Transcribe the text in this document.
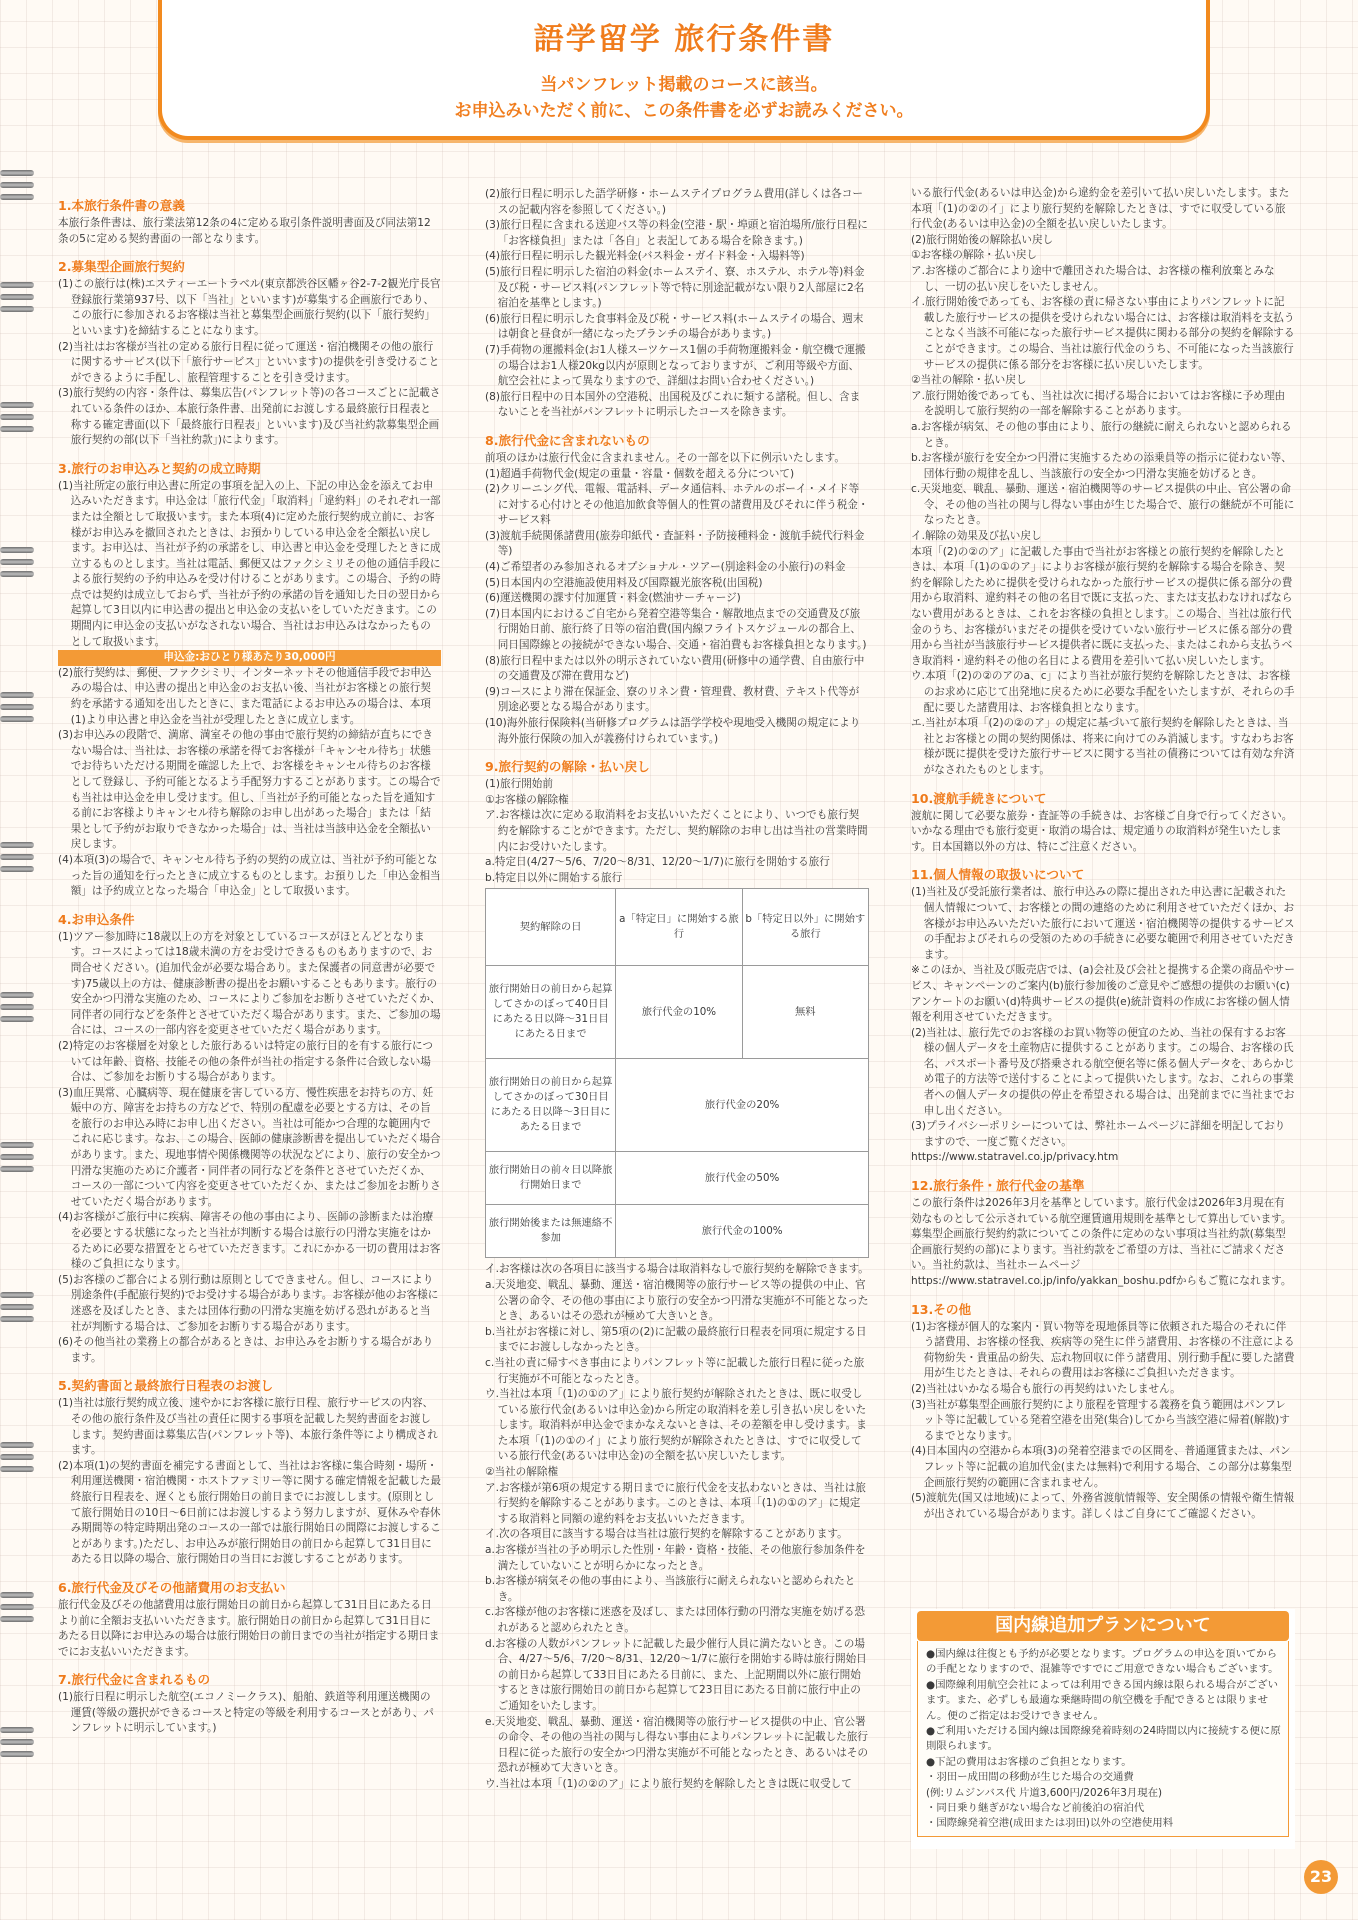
語学留学 旅行条件書

当パンフレット掲載のコースに該当。

お申込みいただく前に、この条件書を必ずお読みください。

1.本旅行条件書の意義

本旅行条件書は、旅行業法第12条の4に定める取引条件説明書面及び同法第12条の5に定める契約書面の一部となります。

2.募集型企画旅行契約

(1)この旅行は(株)エスティーエートラベル(東京都渋谷区幡ヶ谷2-7-2観光庁長官登録旅行業第937号、以下「当社」といいます)が募集する企画旅行であり、この旅行に参加されるお客様は当社と募集型企画旅行契約(以下「旅行契約」といいます)を締結することになります。

(2)当社はお客様が当社の定める旅行日程に従って運送・宿泊機関その他の旅行に関するサービス(以下「旅行サービス」といいます)の提供を引き受けることができるように手配し、旅程管理することを引き受けます。

(3)旅行契約の内容・条件は、募集広告(パンフレット等)の各コースごとに記載されている条件のほか、本旅行条件書、出発前にお渡しする最終旅行日程表と称する確定書面(以下「最終旅行日程表」といいます)及び当社約款募集型企画旅行契約の部(以下「当社約款」)によります。

3.旅行のお申込みと契約の成立時期

(1)当社所定の旅行申込書に所定の事項を記入の上、下記の申込金を添えてお申込みいただきます。申込金は「旅行代金」「取消料」「違約料」のそれぞれ一部または全額として取扱います。また本項(4)に定めた旅行契約成立前に、お客様がお申込みを撤回されたときは、お預かりしている申込金を全額払い戻します。お申込は、当社が予約の承諾をし、申込書と申込金を受理したときに成立するものとします。当社は電話、郵便又はファクシミリその他の通信手段による旅行契約の予約申込みを受け付けることがあります。この場合、予約の時点では契約は成立しておらず、当社が予約の承諾の旨を通知した日の翌日から起算して3日以内に申込書の提出と申込金の支払いをしていただきます。この期間内に申込金の支払いがなされない場合、当社はお申込みはなかったものとして取扱います。

申込金:おひとり様あたり30,000円

(2)旅行契約は、郵便、ファクシミリ、インターネットその他通信手段でお申込みの場合は、申込書の提出と申込金のお支払い後、当社がお客様との旅行契約を承諾する通知を出したときに、また電話によるお申込みの場合は、本項(1)より申込書と申込金を当社が受理したときに成立します。

(3)お申込みの段階で、満席、満室その他の事由で旅行契約の締結が直ちにできない場合は、当社は、お客様の承諾を得てお客様が「キャンセル待ち」状態でお待ちいただける期間を確認した上で、お客様をキャンセル待ちのお客様として登録し、予約可能となるよう手配努力することがあります。この場合でも当社は申込金を申し受けます。但し、「当社が予約可能となった旨を通知する前にお客様よりキャンセル待ち解除のお申し出があった場合」または「結果として予約がお取りできなかった場合」は、当社は当該申込金を全額払い戻します。

(4)本項(3)の場合で、キャンセル待ち予約の契約の成立は、当社が予約可能となった旨の通知を行ったときに成立するものとします。お預りした「申込金相当額」は予約成立となった場合「申込金」として取扱います。

4.お申込条件

(1)ツアー参加時に18歳以上の方を対象としているコースがほとんどとなります。コースによっては18歳未満の方をお受けできるものもありますので、お問合せください。(追加代金が必要な場合あり。また保護者の同意書が必要です)75歳以上の方は、健康診断書の提出をお願いすることもあります。旅行の安全かつ円滑な実施のため、コースによりご参加をお断りさせていただくか、同伴者の同行などを条件とさせていただく場合があります。また、ご参加の場合には、コースの一部内容を変更させていただく場合があります。

(2)特定のお客様層を対象とした旅行あるいは特定の旅行目的を有する旅行については年齢、資格、技能その他の条件が当社の指定する条件に合致しない場合は、ご参加をお断りする場合があります。

(3)血圧異常、心臓病等、現在健康を害している方、慢性疾患をお持ちの方、妊娠中の方、障害をお持ちの方などで、特別の配慮を必要とする方は、その旨を旅行のお申込み時にお申し出ください。当社は可能かつ合理的な範囲内でこれに応じます。なお、この場合、医師の健康診断書を提出していただく場合があります。また、現地事情や関係機関等の状況などにより、旅行の安全かつ円滑な実施のために介護者・同伴者の同行などを条件とさせていただくか、コースの一部について内容を変更させていただくか、またはご参加をお断りさせていただく場合があります。

(4)お客様がご旅行中に疾病、障害その他の事由により、医師の診断または治療を必要とする状態になったと当社が判断する場合は旅行の円滑な実施をはかるために必要な措置をとらせていただきます。これにかかる一切の費用はお客様のご負担になります。

(5)お客様のご都合による別行動は原則としてできません。但し、コースにより別途条件(手配旅行契約)でお受けする場合があります。お客様が他のお客様に迷惑を及ぼしたとき、または団体行動の円滑な実施を妨げる恐れがあると当社が判断する場合は、ご参加をお断りする場合があります。

(6)その他当社の業務上の都合があるときは、お申込みをお断りする場合があります。

5.契約書面と最終旅行日程表のお渡し

(1)当社は旅行契約成立後、速やかにお客様に旅行日程、旅行サービスの内容、その他の旅行条件及び当社の責任に関する事項を記載した契約書面をお渡しします。契約書面は募集広告(パンフレット等)、本旅行条件等により構成されます。

(2)本項(1)の契約書面を補完する書面として、当社はお客様に集合時刻・場所・利用運送機関・宿泊機関・ホストファミリー等に関する確定情報を記載した最終旅行日程表を、遅くとも旅行開始日の前日までにお渡しします。(原則として旅行開始日の10日〜6日前にはお渡しするよう努力しますが、夏休みや春休み期間等の特定時期出発のコースの一部では旅行開始日の間際にお渡しすることがあります。)ただし、お申込みが旅行開始日の前日から起算して31日目にあたる日以降の場合、旅行開始日の当日にお渡しすることがあります。

6.旅行代金及びその他諸費用のお支払い

旅行代金及びその他諸費用は旅行開始日の前日から起算して31日目にあたる日より前に全額お支払いいただきます。旅行開始日の前日から起算して31日目にあたる日以降にお申込みの場合は旅行開始日の前日までの当社が指定する期日までにお支払いいただきます。

7.旅行代金に含まれるもの

(1)旅行日程に明示した航空(エコノミークラス)、船舶、鉄道等利用運送機関の運賃(等級の選択ができるコースと特定の等級を利用するコースとがあり、パンフレットに明示しています。)

(2)旅行日程に明示した語学研修・ホームステイプログラム費用(詳しくは各コースの記載内容を参照してください。)

(3)旅行日程に含まれる送迎バス等の料金(空港・駅・埠頭と宿泊場所/旅行日程に「お客様負担」または「各自」と表記してある場合を除きます。)

(4)旅行日程に明示した観光料金(バス料金・ガイド料金・入場料等)

(5)旅行日程に明示した宿泊の料金(ホームステイ、寮、ホステル、ホテル等)料金及び税・サービス料(パンフレット等で特に別途記載がない限り2人部屋に2名宿泊を基準とします。)

(6)旅行日程に明示した食事料金及び税・サービス料(ホームステイの場合、週末は朝食と昼食が一緒になったブランチの場合があります。)

(7)手荷物の運搬料金(お1人様スーツケース1個の手荷物運搬料金・航空機で運搬の場合はお1人様20kg以内が原則となっておりますが、ご利用等級や方面、航空会社によって異なりますので、詳細はお問い合わせください。)

(8)旅行日程中の日本国外の空港税、出国税及びこれに類する諸税。但し、含まないことを当社がパンフレットに明示したコースを除きます。

8.旅行代金に含まれないもの

前項のほかは旅行代金に含まれません。その一部を以下に例示いたします。

(1)超過手荷物代金(規定の重量・容量・個数を超える分について)

(2)クリーニング代、電報、電話料、データ通信料、ホテルのボーイ・メイド等に対する心付けとその他追加飲食等個人的性質の諸費用及びそれに伴う税金・サービス料

(3)渡航手続関係諸費用(旅券印紙代・査証料・予防接種料金・渡航手続代行料金等)

(4)ご希望者のみ参加されるオプショナル・ツアー(別途料金の小旅行)の料金

(5)日本国内の空港施設使用料及び国際観光旅客税(出国税)

(6)運送機関の課す付加運賃・料金(燃油サーチャージ)

(7)日本国内におけるご自宅から発着空港等集合・解散地点までの交通費及び旅行開始日前、旅行終了日等の宿泊費(国内線フライトスケジュールの都合上、同日国際線との接続ができない場合、交通・宿泊費もお客様負担となります。)

(8)旅行日程中または以外の明示されていない費用(研修中の通学費、自由旅行中の交通費及び滞在費用など)

(9)コースにより滞在保証金、寮のリネン費・管理費、教材費、テキスト代等が別途必要となる場合があります。

(10)海外旅行保険料(当研修プログラムは語学学校や現地受入機関の規定により海外旅行保険の加入が義務付けられています。)

9.旅行契約の解除・払い戻し

(1)旅行開始前

①お客様の解除権

ア.お客様は次に定める取消料をお支払いいただくことにより、いつでも旅行契約を解除することができます。ただし、契約解除のお申し出は当社の営業時間内にお受けいたします。

a.特定日(4/27〜5/6、7/20〜8/31、12/20〜1/7)に旅行を開始する旅行

b.特定日以外に開始する旅行

契約解除の日	a「特定日」に開始する旅行	b「特定日以外」に開始する旅行
旅行開始日の前日から起算してさかのぼって40日目にあたる日以降〜31日目にあたる日まで	旅行代金の10%	無料
旅行開始日の前日から起算してさかのぼって30日目にあたる日以降〜3日目にあたる日まで	旅行代金の20%	
旅行開始日の前々日以降旅行開始日まで	旅行代金の50%	
旅行開始後または無連絡不参加	旅行代金の100%	

イ.お客様は次の各項目に該当する場合は取消料なしで旅行契約を解除できます。

a.天災地変、戦乱、暴動、運送・宿泊機関等の旅行サービス等の提供の中止、官公署の命令、その他の事由により旅行の安全かつ円滑な実施が不可能となったとき、あるいはその恐れが極めて大きいとき。

b.当社がお客様に対し、第5項の(2)に記載の最終旅行日程表を同項に規定する日までにお渡ししなかったとき。

c.当社の責に帰すべき事由によりパンフレット等に記載した旅行日程に従った旅行実施が不可能となったとき。

ウ.当社は本項「(1)の①のア」により旅行契約が解除されたときは、既に収受している旅行代金(あるいは申込金)から所定の取消料を差し引き払い戻しをいたします。取消料が申込金でまかなえないときは、その差額を申し受けます。また本項「(1)の①のイ」により旅行契約が解除されたときは、すでに収受している旅行代金(あるいは申込金)の全額を払い戻しいたします。

②当社の解除権

ア.お客様が第6項の規定する期日までに旅行代金を支払わないときは、当社は旅行契約を解除することがあります。このときは、本項「(1)の①のア」に規定する取消料と同額の違約料をお支払いいただきます。

イ.次の各項目に該当する場合は当社は旅行契約を解除することがあります。

a.お客様が当社の予め明示した性別・年齢・資格・技能、その他旅行参加条件を満たしていないことが明らかになったとき。

b.お客様が病気その他の事由により、当該旅行に耐えられないと認められたとき。

c.お客様が他のお客様に迷惑を及ぼし、または団体行動の円滑な実施を妨げる恐れがあると認められたとき。

d.お客様の人数がパンフレットに記載した最少催行人員に満たないとき。この場合、4/27〜5/6、7/20〜8/31、12/20〜1/7に旅行を開始する時は旅行開始日の前日から起算して33日目にあたる日前に、また、上記期間以外に旅行開始するときは旅行開始日の前日から起算して23日目にあたる日前に旅行中止のご通知をいたします。

e.天災地変、戦乱、暴動、運送・宿泊機関等の旅行サービス提供の中止、官公署の命令、その他の当社の関与し得ない事由によりパンフレットに記載した旅行日程に従った旅行の安全かつ円滑な実施が不可能となったとき、あるいはその恐れが極めて大きいとき。

ウ.当社は本項「(1)の②のア」により旅行契約を解除したときは既に収受して

いる旅行代金(あるいは申込金)から違約金を差引いて払い戻しいたします。また本項「(1)の②のイ」により旅行契約を解除したときは、すでに収受している旅行代金(あるいは申込金)の全額を払い戻しいたします。

(2)旅行開始後の解除払い戻し

①お客様の解除・払い戻し

ア.お客様のご都合により途中で離団された場合は、お客様の権利放棄とみなし、一切の払い戻しをいたしません。

イ.旅行開始後であっても、お客様の責に帰さない事由によりパンフレットに記載した旅行サービスの提供を受けられない場合には、お客様は取消料を支払うことなく当該不可能になった旅行サービス提供に関わる部分の契約を解除することができます。この場合、当社は旅行代金のうち、不可能になった当該旅行サービスの提供に係る部分をお客様に払い戻しいたします。

②当社の解除・払い戻し

ア.旅行開始後であっても、当社は次に掲げる場合においてはお客様に予め理由を説明して旅行契約の一部を解除することがあります。

a.お客様が病気、その他の事由により、旅行の継続に耐えられないと認められるとき。

b.お客様が旅行を安全かつ円滑に実施するための添乗員等の指示に従わない等、団体行動の規律を乱し、当該旅行の安全かつ円滑な実施を妨げるとき。

c.天災地変、戦乱、暴動、運送・宿泊機関等のサービス提供の中止、官公署の命令、その他の当社の関与し得ない事由が生じた場合で、旅行の継続が不可能になったとき。

イ.解除の効果及び払い戻し

本項「(2)の②のア」に記載した事由で当社がお客様との旅行契約を解除したときは、本項「(1)の①のア」によりお客様が旅行契約を解除する場合を除き、契約を解除したために提供を受けられなかった旅行サービスの提供に係る部分の費用から取消料、違約料その他の名目で既に支払った、または支払わなければならない費用があるときは、これをお客様の負担とします。この場合、当社は旅行代金のうち、お客様がいまだその提供を受けていない旅行サービスに係る部分の費用から当社が当該旅行サービス提供者に既に支払った、またはこれから支払うべき取消料・違約料その他の名目による費用を差引いて払い戻しいたします。

ウ.本項「(2)の②のアのa、c」により当社が旅行契約を解除したときは、お客様のお求めに応じて出発地に戻るために必要な手配をいたしますが、それらの手配に要した諸費用は、お客様負担となります。

エ.当社が本項「(2)の②のア」の規定に基づいて旅行契約を解除したときは、当社とお客様との間の契約関係は、将来に向けてのみ消滅します。すなわちお客様が既に提供を受けた旅行サービスに関する当社の債務については有効な弁済がなされたものとします。

10.渡航手続きについて

渡航に関して必要な旅券・査証等の手続きは、お客様ご自身で行ってください。いかなる理由でも旅行変更・取消の場合は、規定通りの取消料が発生いたします。日本国籍以外の方は、特にご注意ください。

11.個人情報の取扱いについて

(1)当社及び受託旅行業者は、旅行申込みの際に提出された申込書に記載された個人情報について、お客様との間の連絡のために利用させていただくほか、お客様がお申込みいただいた旅行において運送・宿泊機関等の提供するサービスの手配およびそれらの受領のための手続きに必要な範囲で利用させていただきます。

※このほか、当社及び販売店では、(a)会社及び会社と提携する企業の商品やサービス、キャンペーンのご案内(b)旅行参加後のご意見やご感想の提供のお願い(c)アンケートのお願い(d)特典サービスの提供(e)統計資料の作成にお客様の個人情報を利用させていただきます。

(2)当社は、旅行先でのお客様のお買い物等の便宜のため、当社の保有するお客様の個人データを土産物店に提供することがあります。この場合、お客様の氏名、パスポート番号及び搭乗される航空便名等に係る個人データを、あらかじめ電子的方法等で送付することによって提供いたします。なお、これらの事業者への個人データの提供の停止を希望される場合は、出発前までに当社までお申し出ください。

(3)プライバシーポリシーについては、弊社ホームページに詳細を明記しておりますので、一度ご覧ください。

https://www.statravel.co.jp/privacy.htm

12.旅行条件・旅行代金の基準

この旅行条件は2026年3月を基準としています。旅行代金は2026年3月現在有効なものとして公示されている航空運賃適用規則を基準として算出しています。募集型企画旅行契約約款についてこの条件に定めのない事項は当社約款(募集型企画旅行契約の部)によります。当社約款をご希望の方は、当社にご請求ください。当社約款は、当社ホームページ

https://www.statravel.co.jp/info/yakkan_boshu.pdfからもご覧になれます。

13.その他

(1)お客様が個人的な案内・買い物等を現地係員等に依頼された場合のそれに伴う諸費用、お客様の怪我、疾病等の発生に伴う諸費用、お客様の不注意による荷物紛失・貴重品の紛失、忘れ物回収に伴う諸費用、別行動手配に要した諸費用が生じたときは、それらの費用はお客様にご負担いただきます。

(2)当社はいかなる場合も旅行の再契約はいたしません。

(3)当社が募集型企画旅行契約により旅程を管理する義務を負う範囲はパンフレット等に記載している発着空港を出発(集合)してから当該空港に帰着(解散)するまでとなります。

(4)日本国内の空港から本項(3)の発着空港までの区間を、普通運賃または、パンフレット等に記載の追加代金(または無料)で利用する場合、この部分は募集型企画旅行契約の範囲に含まれません。

(5)渡航先(国又は地域)によって、外務省渡航情報等、安全関係の情報や衛生情報が出されている場合があります。詳しくはご自身にてご確認ください。

国内線追加プランについて

●国内線は往復とも予約が必要となります。プログラムの申込を頂いてからの手配となりますので、混雑等ですでにご用意できない場合もございます。

●国際線利用航空会社によっては利用できる国内線は限られる場合がございます。また、必ずしも最適な乗継時間の航空機を手配できるとは限りません。便のご指定はお受けできません。

●ご利用いただける国内線は国際線発着時刻の24時間以内に接続する便に原則限られます。

●下記の費用はお客様のご負担となります。

・羽田ー成田間の移動が生じた場合の交通費

(例:リムジンバス代 片道3,600円/2026年3月現在)

・同日乗り継ぎがない場合など前後泊の宿泊代

・国際線発着空港(成田または羽田)以外の空港使用料

23
